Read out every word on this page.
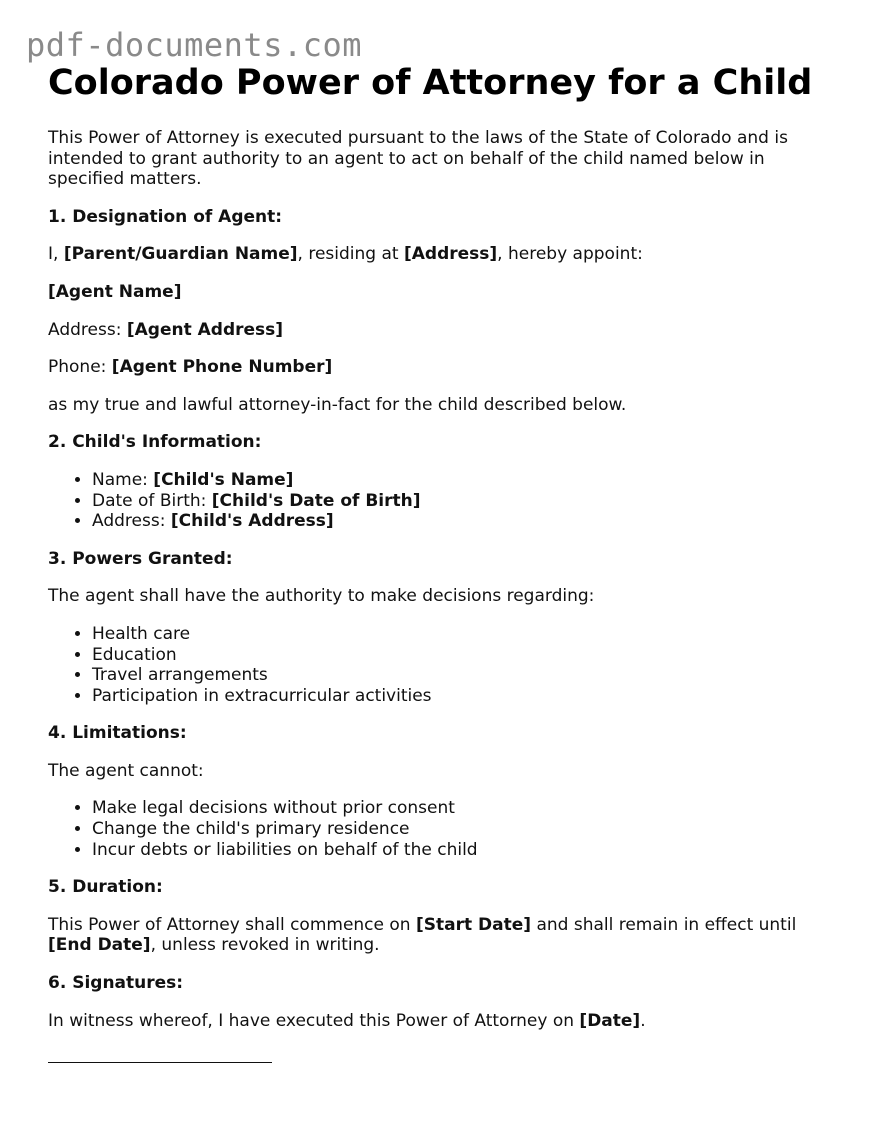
pdf-documents.com
Colorado Power of Attorney for a Child

This Power of Attorney is executed pursuant to the laws of the State of Colorado and is intended to grant authority to an agent to act on behalf of the child named below in specified matters.

1. Designation of Agent:

I, [Parent/Guardian Name], residing at [Address], hereby appoint:

[Agent Name]

Address: [Agent Address]

Phone: [Agent Phone Number]

as my true and lawful attorney-in-fact for the child described below.

2. Child's Information:
• Name: [Child's Name]
• Date of Birth: [Child's Date of Birth]
• Address: [Child's Address]
3. Powers Granted:

The agent shall have the authority to make decisions regarding:

• Health care
• Education
• Travel arrangements
• Participation in extracurricular activities
4. Limitations:

The agent cannot:

• Make legal decisions without prior consent
• Change the child's primary residence
• Incur debts or liabilities on behalf of the child
5. Duration:

This Power of Attorney shall commence on [Start Date] and shall remain in effect until [End Date], unless revoked in writing.

6. Signatures:

In witness whereof, I have executed this Power of Attorney on [Date].
